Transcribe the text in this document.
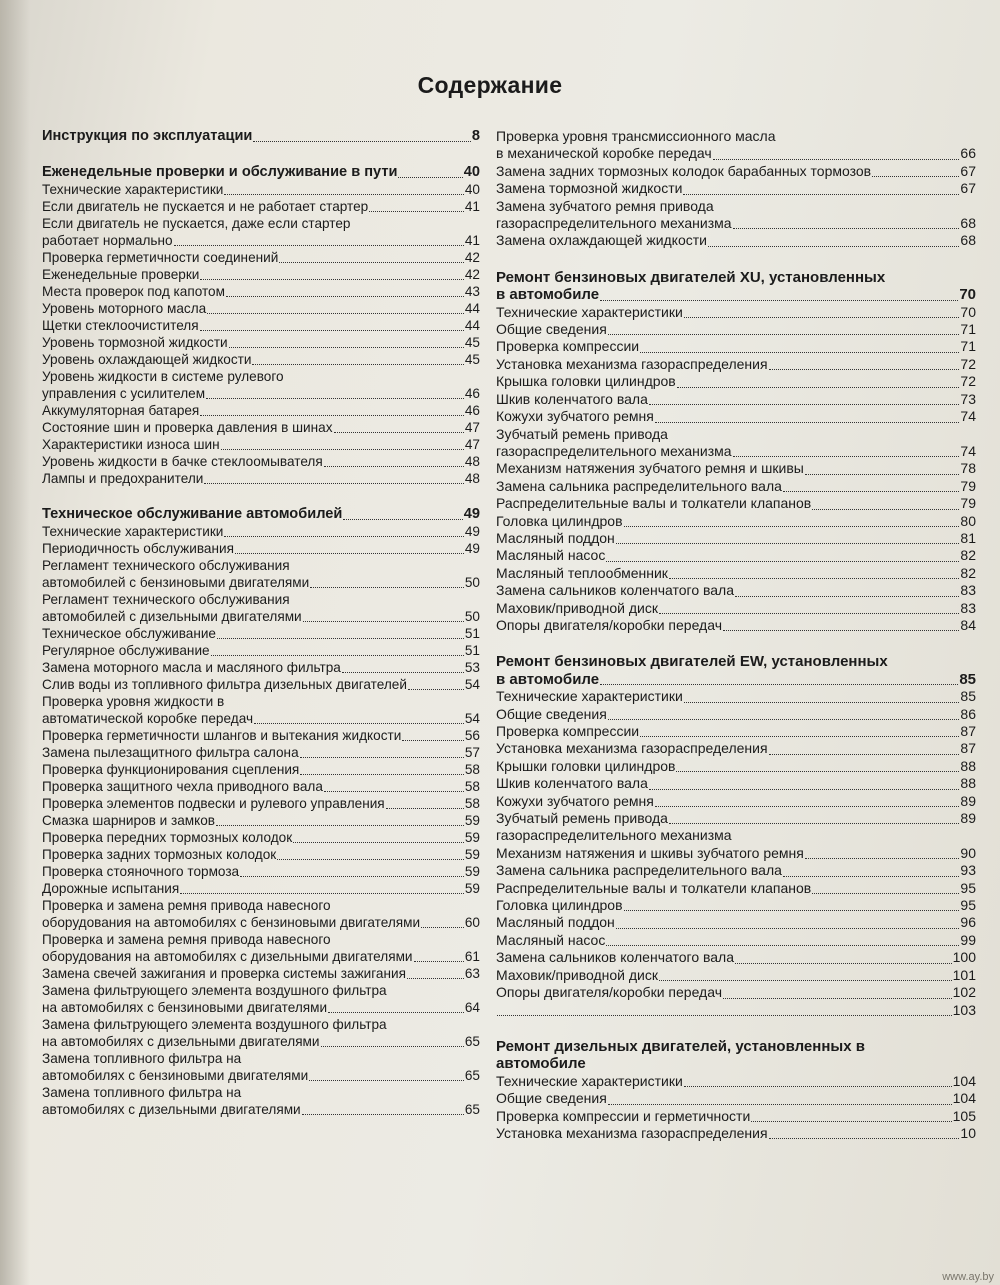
Содержание
Инструкция по эксплуатации	8
Еженедельные проверки и обслуживание в пути	40
Технические характеристики	40
Если двигатель не пускается и не работает стартер	41
Если двигатель не пускается, даже если стартер
работает нормально	41
Проверка герметичности соединений	42
Еженедельные проверки	42
Места проверок под капотом	43
Уровень моторного масла	44
Щетки стеклоочистителя	44
Уровень тормозной жидкости	45
Уровень охлаждающей жидкости	45
Уровень жидкости в системе рулевого
управления с усилителем	46
Аккумуляторная батарея	46
Состояние шин и проверка давления в шинах	47
Характеристики износа шин	47
Уровень жидкости в бачке стеклоомывателя	48
Лампы и предохранители	48
Техническое обслуживание автомобилей	49
Технические характеристики	49
Периодичность обслуживания	49
Регламент технического обслуживания
автомобилей с бензиновыми двигателями	50
Регламент технического обслуживания
автомобилей с дизельными двигателями	50
Техническое обслуживание	51
Регулярное обслуживание	51
Замена моторного масла и масляного фильтра	53
Слив воды из топливного фильтра дизельных двигателей	54
Проверка уровня жидкости в
автоматической коробке передач	54
Проверка герметичности шлангов и вытекания жидкости	56
Замена пылезащитного фильтра салона	57
Проверка функционирования сцепления	58
Проверка защитного чехла приводного вала	58
Проверка элементов подвески и рулевого управления	58
Смазка шарниров и замков	59
Проверка передних тормозных колодок	59
Проверка задних тормозных колодок	59
Проверка стояночного тормоза	59
Дорожные испытания	59
Проверка и замена ремня привода навесного
оборудования на автомобилях с бензиновыми двигателями	60
Проверка и замена ремня привода навесного
оборудования на автомобилях с дизельными двигателями	61
Замена свечей зажигания и проверка системы зажигания	63
Замена фильтрующего элемента воздушного фильтра
на автомобилях с бензиновыми двигателями	64
Замена фильтрующего элемента воздушного фильтра
на автомобилях с дизельными двигателями	65
Замена топливного фильтра на
автомобилях с бензиновыми двигателями	65
Замена топливного фильтра на
автомобилях с дизельными двигателями	65
Проверка уровня трансмиссионного масла
в механической коробке передач	66
Замена задних тормозных колодок барабанных тормозов	67
Замена тормозной жидкости	67
Замена зубчатого ремня привода
газораспределительного механизма	68
Замена охлаждающей жидкости	68
Ремонт бензиновых двигателей XU, установленных
в автомобиле	70
Технические характеристики	70
Общие сведения	71
Проверка компрессии	71
Установка механизма газораспределения	72
Крышка головки цилиндров	72
Шкив коленчатого вала	73
Кожухи зубчатого ремня	74
Зубчатый ремень привода
газораспределительного механизма	74
Механизм натяжения зубчатого ремня и шкивы	78
Замена сальника распределительного вала	79
Распределительные валы и толкатели клапанов	79
Головка цилиндров	80
Масляный поддон	81
Масляный насос	82
Масляный теплообменник	82
Замена сальников коленчатого вала	83
Маховик/приводной диск	83
Опоры двигателя/коробки передач	84
Ремонт бензиновых двигателей EW, установленных
в автомобиле	85
Технические характеристики	85
Общие сведения	86
Проверка компрессии	87
Установка механизма газораспределения	87
Крышки головки цилиндров	88
Шкив коленчатого вала	88
Кожухи зубчатого ремня	89
Зубчатый ремень привода	89
газораспределительного механизма
Механизм натяжения и шкивы зубчатого ремня	90
Замена сальника распределительного вала	93
Распределительные валы и толкатели клапанов	95
Головка цилиндров	95
Масляный поддон	96
Масляный насос	99
Замена сальников коленчатого вала	100
Маховик/приводной диск	101
Опоры двигателя/коробки передач	102
103
Ремонт дизельных двигателей, установленных в
автомобиле
Технические характеристики	104
Общие сведения	104
Проверка компрессии и герметичности	105
Установка механизма газораспределения	10
www.ay.by
